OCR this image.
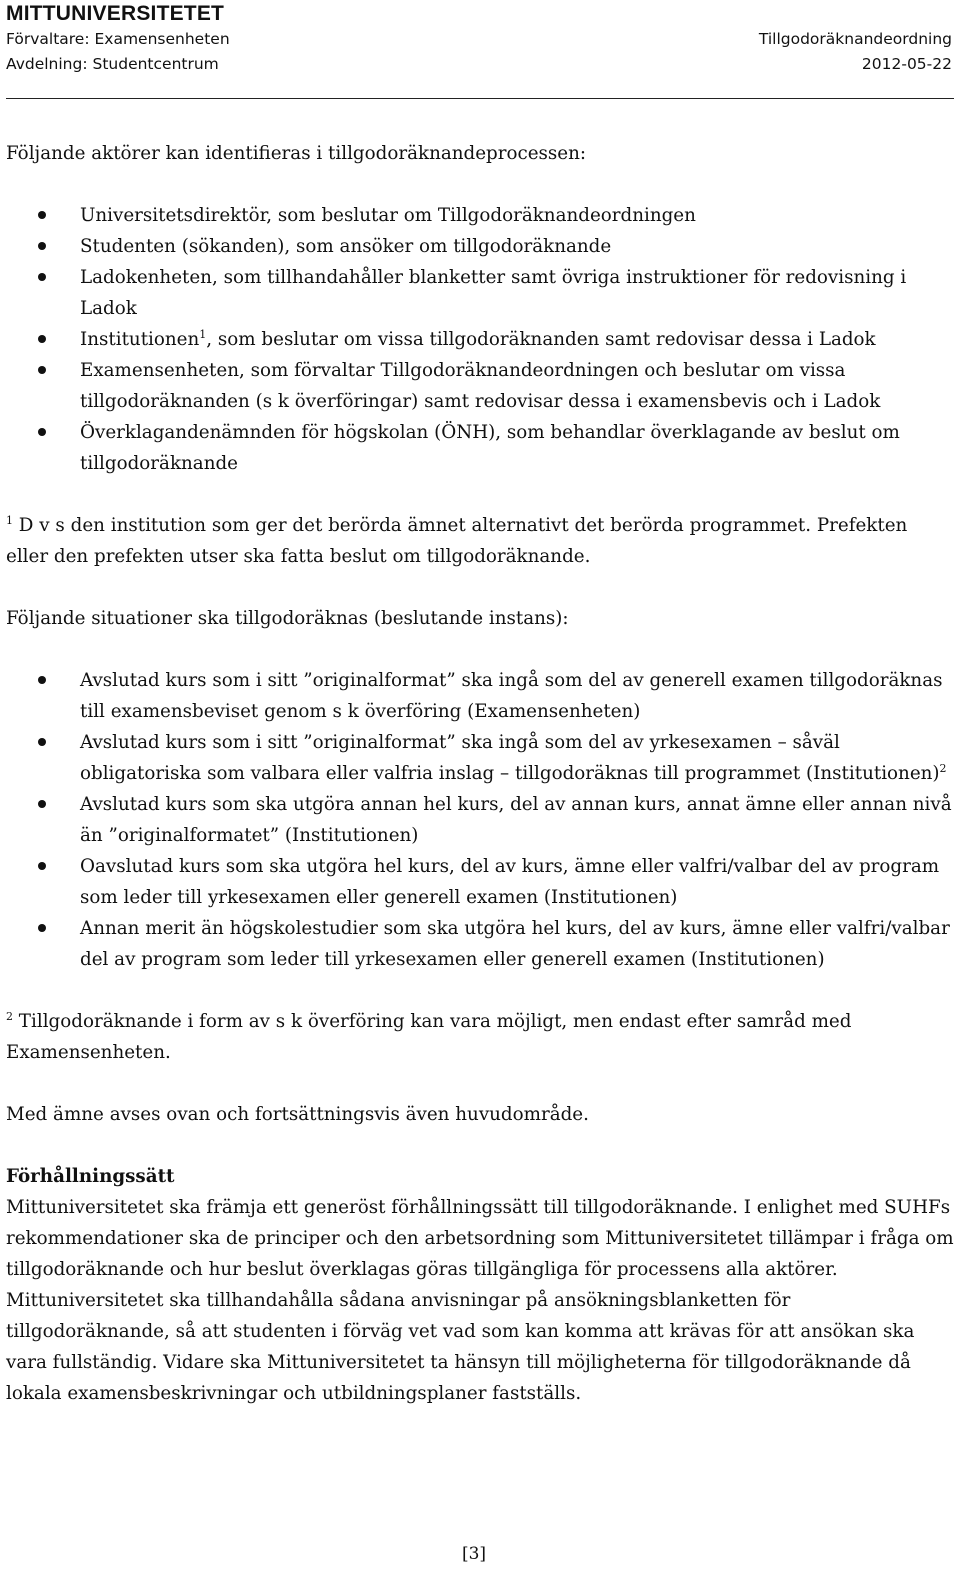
MITTUNIVERSITETET
Förvaltare: Examensenheten
Avdelning: Studentcentrum
Tillgodoräknandeordning
2012-05-22

Följande aktörer kan identifieras i tillgodoräknandeprocessen:

Universitetsdirektör, som beslutar om Tillgodoräknandeordningen
Studenten (sökanden), som ansöker om tillgodoräknande
Ladokenheten, som tillhandahåller blanketter samt övriga instruktioner för redovisning i Ladok
Institutionen$^1$, som beslutar om vissa tillgodoräknanden samt redovisar dessa i Ladok
Examensenheten, som förvaltar Tillgodoräknandeordningen och beslutar om vissa tillgodoräknanden (s k överföringar) samt redovisar dessa i examensbevis och i Ladok
Överklagandenämnden för högskolan (ÖNH), som behandlar överklagande av beslut om tillgodoräknande

$^1$ D v s den institution som ger det berörda ämnet alternativt det berörda programmet. Prefekten eller den prefekten utser ska fatta beslut om tillgodoräknande.

Följande situationer ska tillgodoräknas (beslutande instans):

Avslutad kurs som i sitt ”originalformat” ska ingå som del av generell examen tillgodoräknas till examensbeviset genom s k överföring (Examensenheten)
Avslutad kurs som i sitt ”originalformat” ska ingå som del av yrkesexamen – såväl obligatoriska som valbara eller valfria inslag – tillgodoräknas till programmet (Institutionen)$^2$
Avslutad kurs som ska utgöra annan hel kurs, del av annan kurs, annat ämne eller annan nivå än ”originalformatet” (Institutionen)
Oavslutad kurs som ska utgöra hel kurs, del av kurs, ämne eller valfri/valbar del av program som leder till yrkesexamen eller generell examen (Institutionen)
Annan merit än högskolestudier som ska utgöra hel kurs, del av kurs, ämne eller valfri/valbar del av program som leder till yrkesexamen eller generell examen (Institutionen)

$^2$ Tillgodoräknande i form av s k överföring kan vara möjligt, men endast efter samråd med Examensenheten.

Med ämne avses ovan och fortsättningsvis även huvudområde.

Förhållningssätt

Mittuniversitetet ska främja ett generöst förhållningssätt till tillgodoräknande. I enlighet med SUHFs rekommendationer ska de principer och den arbetsordning som Mittuniversitetet tillämpar i fråga om tillgodoräknande och hur beslut överklagas göras tillgängliga för processens alla aktörer. Mittuniversitetet ska tillhandahålla sådana anvisningar på ansökningsblanketten för tillgodoräknande, så att studenten i förväg vet vad som kan komma att krävas för att ansökan ska vara fullständig. Vidare ska Mittuniversitetet ta hänsyn till möjligheterna för tillgodoräknande då lokala examensbeskrivningar och utbildningsplaner fastställs.

[3]
